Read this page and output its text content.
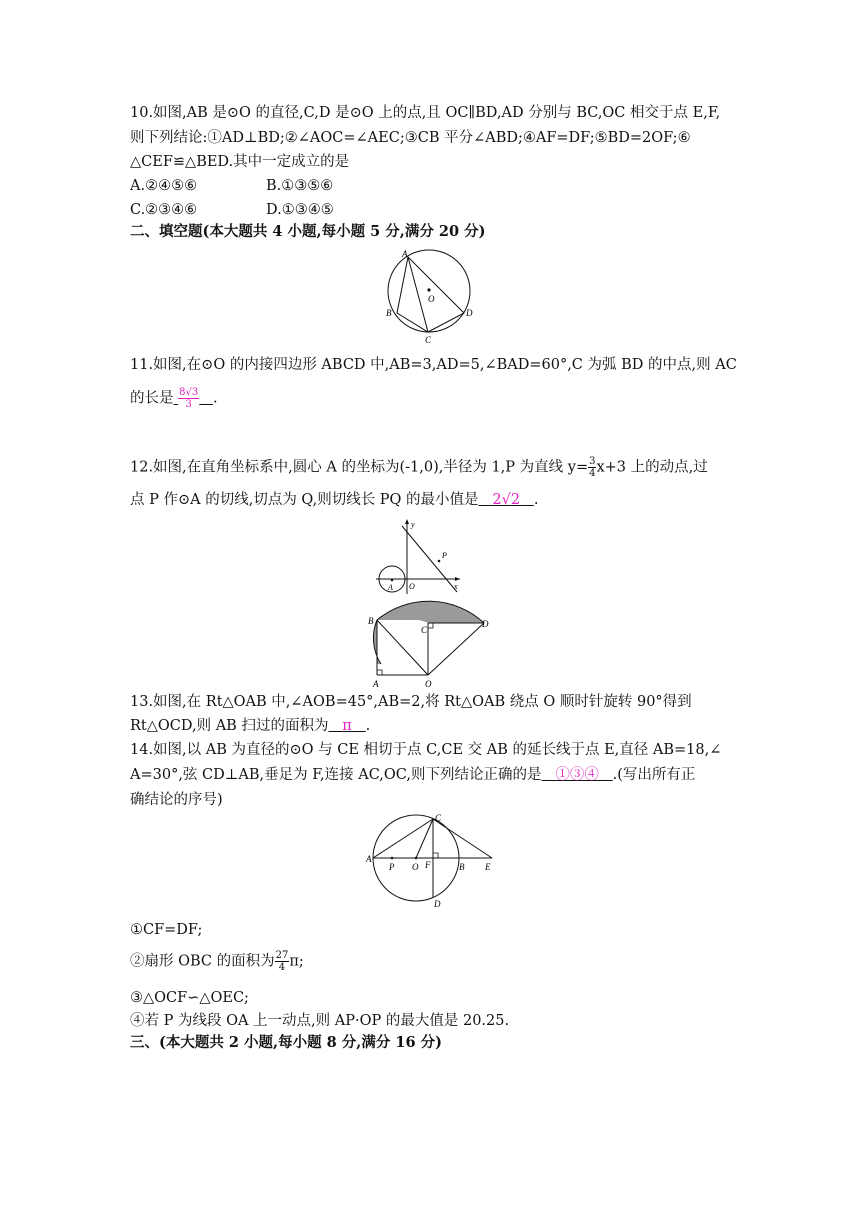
10.如图,AB 是⊙O 的直径,C,D 是⊙O 上的点,且 OC∥BD,AD 分别与 BC,OC 相交于点 E,F,
则下列结论:①AD⊥BD;②∠AOC=∠AEC;③CB 平分∠ABD;④AF=DF;⑤BD=2OF;⑥
△CEF≌△BED.其中一定成立的是
A.②④⑤⑥	B.①③⑤⑥
C.②③④⑥	D.①③④⑤
二、填空题(本大题共 4 小题,每小题 5 分,满分 20 分)
A
B
C
D
O
11.如图,在⊙O 的内接四边形 ABCD 中,AB=3,AD=5,∠BAD=60°,C 为弧 BD 的中点,则 AC
的长是 $\frac{8√3}{3}$ .
12.如图,在直角坐标系中,圆心 A 的坐标为(-1,0),半径为 1,P 为直线 $y= \frac{3}{4} x+3$ 上的动点,过
点 P 作⊙A 的切线,切点为 Q,则切线长 PQ 的最小值是 2√2 .
y
x
P
A O
B
C
D
A	O
13.如图,在 Rt△OAB 中,∠AOB=45°,AB=2,将 Rt△OAB 绕点 O 顺时针旋转 90°得到
Rt△OCD,则 AB 扫过的面积为 π .
14.如图,以 AB 为直径的⊙O 与 CE 相切于点 C,CE 交 AB 的延长线于点 E,直径 AB=18,∠
A=30°,弦 CD⊥AB,垂足为 F,连接 AC,OC,则下列结论正确的是 ①③④ .(写出所有正
确结论的序号)
C
A
P O F	B E
D
①CF=DF;
②扇形 OBC 的面积为 $\frac{27}{4} \pi$;
③△OCF∽△OEC;
④若 P 为线段 OA 上一动点,则 AP·OP 的最大值是 20.25.
三、(本大题共 2 小题,每小题 8 分,满分 16 分)
